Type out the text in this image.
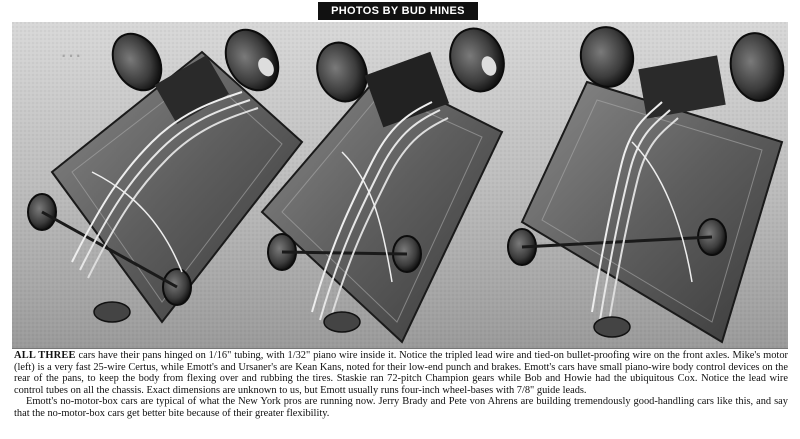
PHOTOS BY BUD HINES
···

ALL THREE cars have their pans hinged on 1/16" tubing, with 1/32" piano wire inside it. Notice the tripled lead wire and tied-on bullet-proofing wire on the front axles. Mike's motor (left) is a very fast 25-wire Certus, while Emott's and Ursaner's are Kean Kans, noted for their low-end punch and brakes. Emott's cars have small piano-wire body control devices on the rear of the pans, to keep the body from flexing over and rubbing the tires. Staskie ran 72-pitch Champion gears while Bob and Howie had the ubiquitous Cox. Notice the lead wire control tubes on all the chassis. Exact dimensions are unknown to us, but Emott usually runs four-inch wheel-bases with 7/8" guide leads.

Emott's no-motor-box cars are typical of what the New York pros are running now. Jerry Brady and Pete von Ahrens are building tremendously good-handling cars like this, and say that the no-motor-box cars get better bite because of their greater flexibility.
